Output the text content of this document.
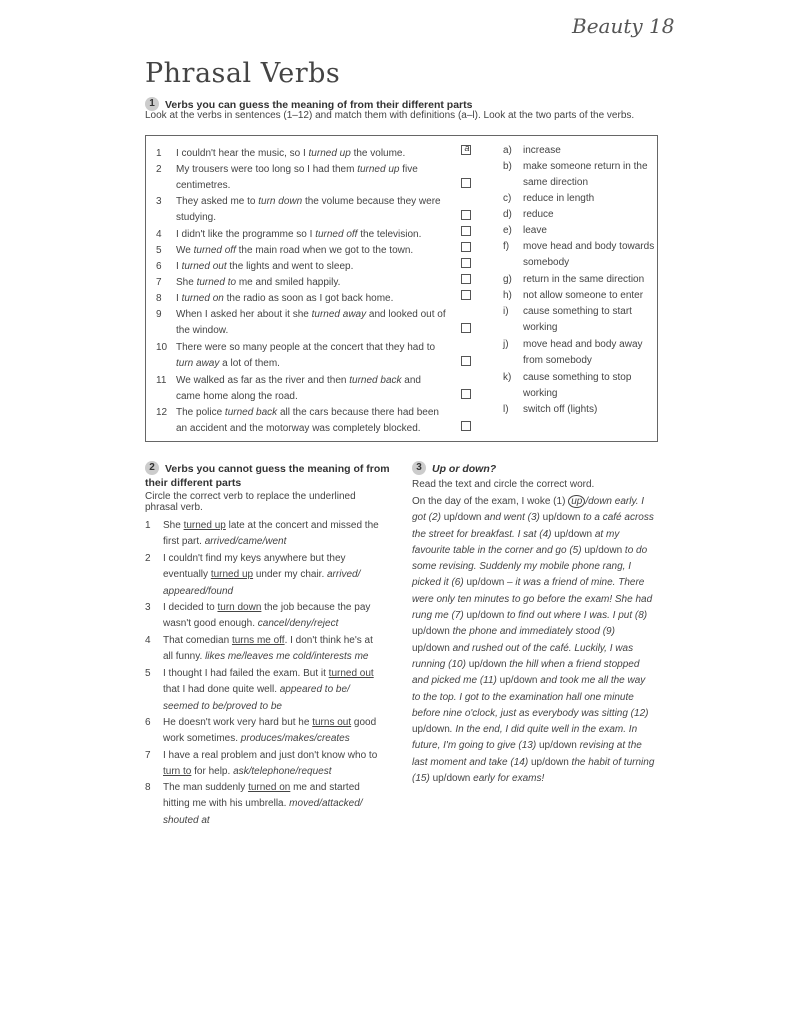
Beauty 18
Phrasal Verbs
1 Verbs you can guess the meaning of from their different parts
Look at the verbs in sentences (1–12) and match them with definitions (a–l). Look at the two parts of the verbs.
1	I couldn't hear the music, so I turned up the volume.
2	My trousers were too long so I had them turned up five centimetres.
3	They asked me to turn down the volume because they were studying.
4	I didn't like the programme so I turned off the television.
5	We turned off the main road when we got to the town.
6	I turned out the lights and went to sleep.
7	She turned to me and smiled happily.
8	I turned on the radio as soon as I got back home.
9	When I asked her about it she turned away and looked out of the window.
10 There were so many people at the concert that they had to turn away a lot of them.
11 We walked as far as the river and then turned back and came home along the road.
12 The police turned back all the cars because there had been an accident and the motorway was completely blocked.
a	a)	increase
b)	make someone return in the same direction
c)	reduce in length
d)	reduce
e)	leave
f)	move head and body towards somebody
g)	return in the same direction
h)	not allow someone to enter
i)	cause something to start working
j)	move head and body away from somebody
k)	cause something to stop working
l)	switch off (lights)
2 Verbs you cannot guess the meaning of from
their different parts
Circle the correct verb to replace the underlined phrasal verb.
1	She turned up late at the concert and missed the first part. arrived/came/went
2	I couldn't find my keys anywhere but they eventually turned up under my chair. arrived/ appeared/found
3	I decided to turn down the job because the pay wasn't good enough. cancel/deny/reject
4	That comedian turns me off. I don't think he's at all funny. likes me/leaves me cold/interests me
5	I thought I had failed the exam. But it turned out that I had done quite well. appeared to be/ seemed to be/proved to be
6	He doesn't work very hard but he turns out good work sometimes. produces/makes/creates
7	I have a real problem and just don't know who to turn to for help. ask/telephone/request
8	The man suddenly turned on me and started hitting me with his umbrella. moved/attacked/ shouted at
3 Up or down?
Read the text and circle the correct word.
On the day of the exam, I woke (1) up /down early. I got (2) up/down and went (3) up/down to a café across the street for breakfast. I sat (4) up/down at my favourite table in the corner and go (5) up/down to do some revising. Suddenly my mobile phone rang, I picked it (6) up/down – it was a friend of mine. There were only ten minutes to go before the exam! She had rung me (7) up/down to find out where I was. I put (8) up/down the phone and immediately stood (9) up/down and rushed out of the café. Luckily, I was running (10) up/down the hill when a friend stopped and picked me (11) up/down and took me all the way to the top. I got to the examination hall one minute before nine o'clock, just as everybody was sitting (12) up/down. In the end, I did quite well in the exam. In future, I'm going to give (13) up/down revising at the last moment and take (14) up/down the habit of turning (15) up/down early for exams!
